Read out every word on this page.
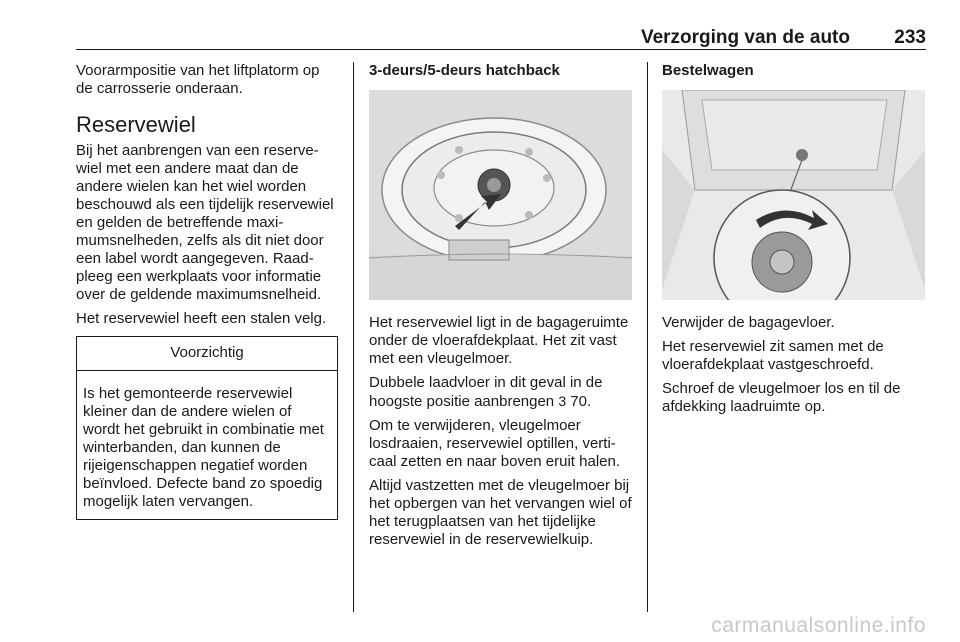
Verzorging van de auto 233

Voorarmpositie van het liftplatorm op de carrosserie onderaan.

Reservewiel

Bij het aanbrengen van een reservewiel met een andere maat dan de andere wielen kan het wiel worden beschouwd als een tijdelijk reservewiel en gelden de betreffende maximumsnelheden, zelfs als dit niet door een label wordt aangegeven. Raadpleeg een werkplaats voor informatie over de geldende maximumsnelheid.

Het reservewiel heeft een stalen velg.

Voorzichtig
Is het gemonteerde reservewiel kleiner dan de andere wielen of wordt het gebruikt in combinatie met winterbanden, dan kunnen de rijeigenschappen negatief worden beïnvloed. Defecte band zo spoedig mogelijk laten vervangen.
3-deurs/5-deurs hatchback

Het reservewiel ligt in de bagageruimte onder de vloerafdekplaat. Het zit vast met een vleugelmoer.

Dubbele laadvloer in dit geval in de hoogste positie aanbrengen 3 70.

Om te verwijderen, vleugelmoer losdraaien, reservewiel optillen, verticaal zetten en naar boven eruit halen.

Altijd vastzetten met de vleugelmoer bij het opbergen van het vervangen wiel of het terugplaatsen van het tijdelijke reservewiel in de reservewielkuip.

Bestelwagen

Verwijder de bagagevloer.

Het reservewiel zit samen met de vloerafdekplaat vastgeschroefd.

Schroef de vleugelmoer los en til de afdekking laadruimte op.

carmanualsonline.info
